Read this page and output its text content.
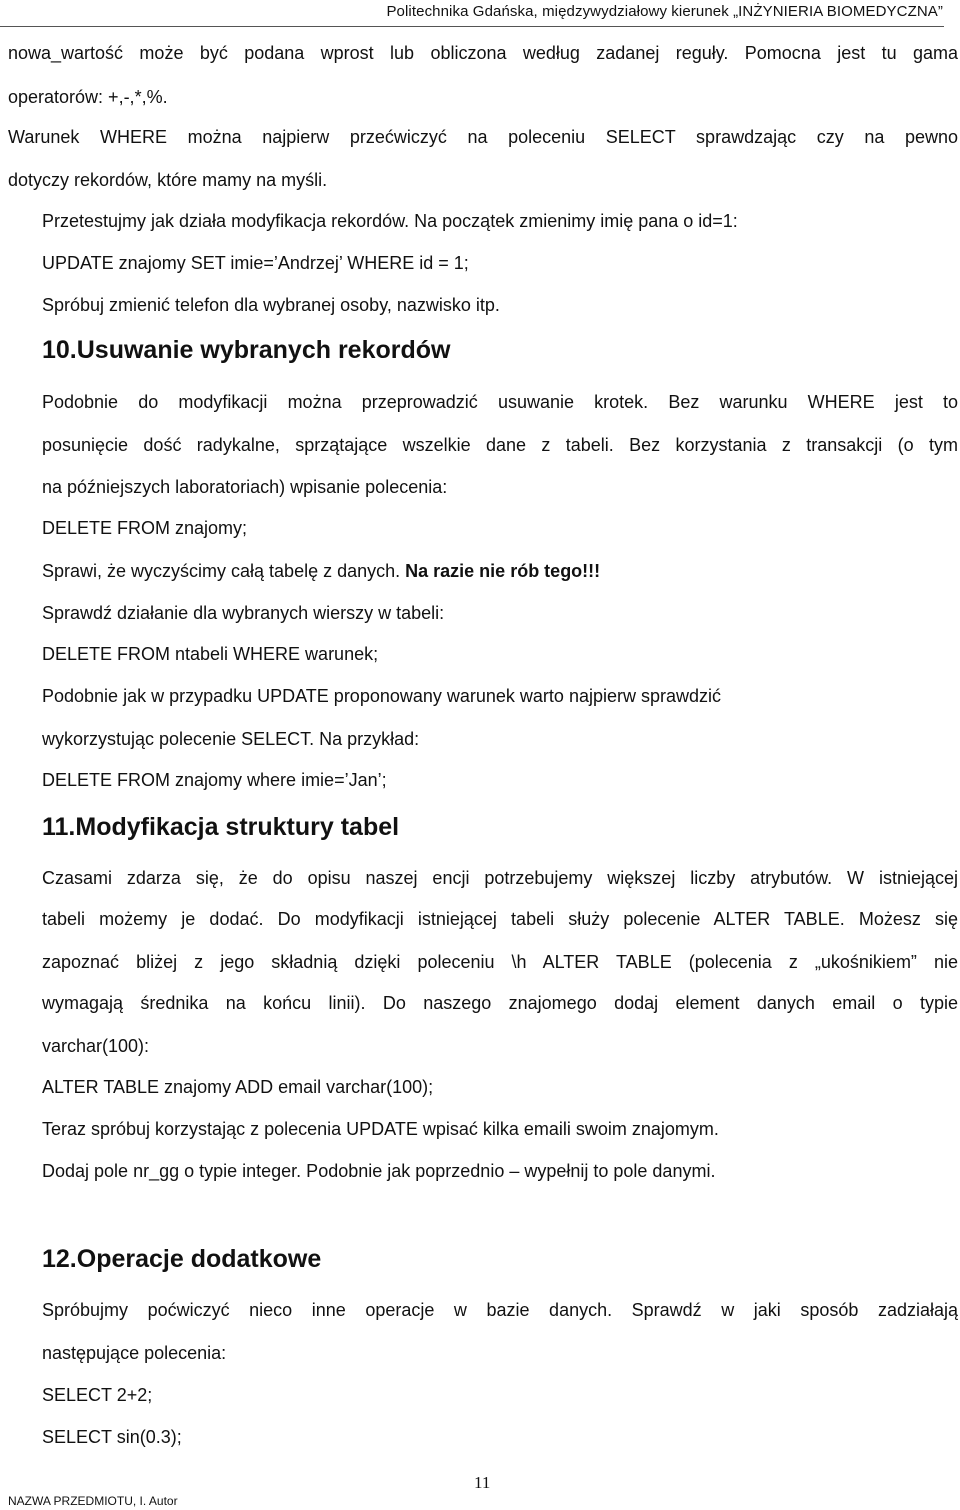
Politechnika Gdańska, międzywydziałowy kierunek „INŻYNIERIA BIOMEDYCZNA”
nowa_wartość może być podana wprost lub obliczona według zadanej reguły. Pomocna jest tu gama
operatorów: +,-,*,%.
Warunek WHERE można najpierw przećwiczyć na poleceniu SELECT sprawdzając czy na pewno
dotyczy rekordów, które mamy na myśli.
Przetestujmy jak działa modyfikacja rekordów. Na początek zmienimy imię pana o id=1:
UPDATE znajomy SET imie=’Andrzej’ WHERE id = 1;
Spróbuj zmienić telefon dla wybranej osoby, nazwisko itp.
10.Usuwanie wybranych rekordów
Podobnie do modyfikacji można przeprowadzić usuwanie krotek. Bez warunku WHERE jest to
posunięcie dość radykalne, sprzątające wszelkie dane z tabeli. Bez korzystania z transakcji (o tym
na późniejszych laboratoriach) wpisanie polecenia:
DELETE FROM znajomy;
Sprawi, że wyczyścimy całą tabelę z danych. Na razie nie rób tego!!!
Sprawdź działanie dla wybranych wierszy w tabeli:
DELETE FROM ntabeli WHERE warunek;
Podobnie jak w przypadku UPDATE proponowany warunek warto najpierw sprawdzić
wykorzystując polecenie SELECT. Na przykład:
DELETE FROM znajomy where imie=’Jan’;
11.Modyfikacja struktury tabel
Czasami zdarza się, że do opisu naszej encji potrzebujemy większej liczby atrybutów. W istniejącej
tabeli możemy je dodać. Do modyfikacji istniejącej tabeli służy polecenie ALTER TABLE. Możesz się
zapoznać bliżej z jego składnią dzięki poleceniu \h ALTER TABLE (polecenia z „ukośnikiem” nie
wymagają średnika na końcu linii). Do naszego znajomego dodaj element danych email o typie
varchar(100):
ALTER TABLE znajomy ADD email varchar(100);
Teraz spróbuj korzystając z polecenia UPDATE wpisać kilka emaili swoim znajomym.
Dodaj pole nr_gg o typie integer. Podobnie jak poprzednio – wypełnij to pole danymi.
12.Operacje dodatkowe
Spróbujmy poćwiczyć nieco inne operacje w bazie danych. Sprawdź w jaki sposób zadziałają
następujące polecenia:
SELECT 2+2;
SELECT sin(0.3);
11
NAZWA PRZEDMIOTU, I. Autor
